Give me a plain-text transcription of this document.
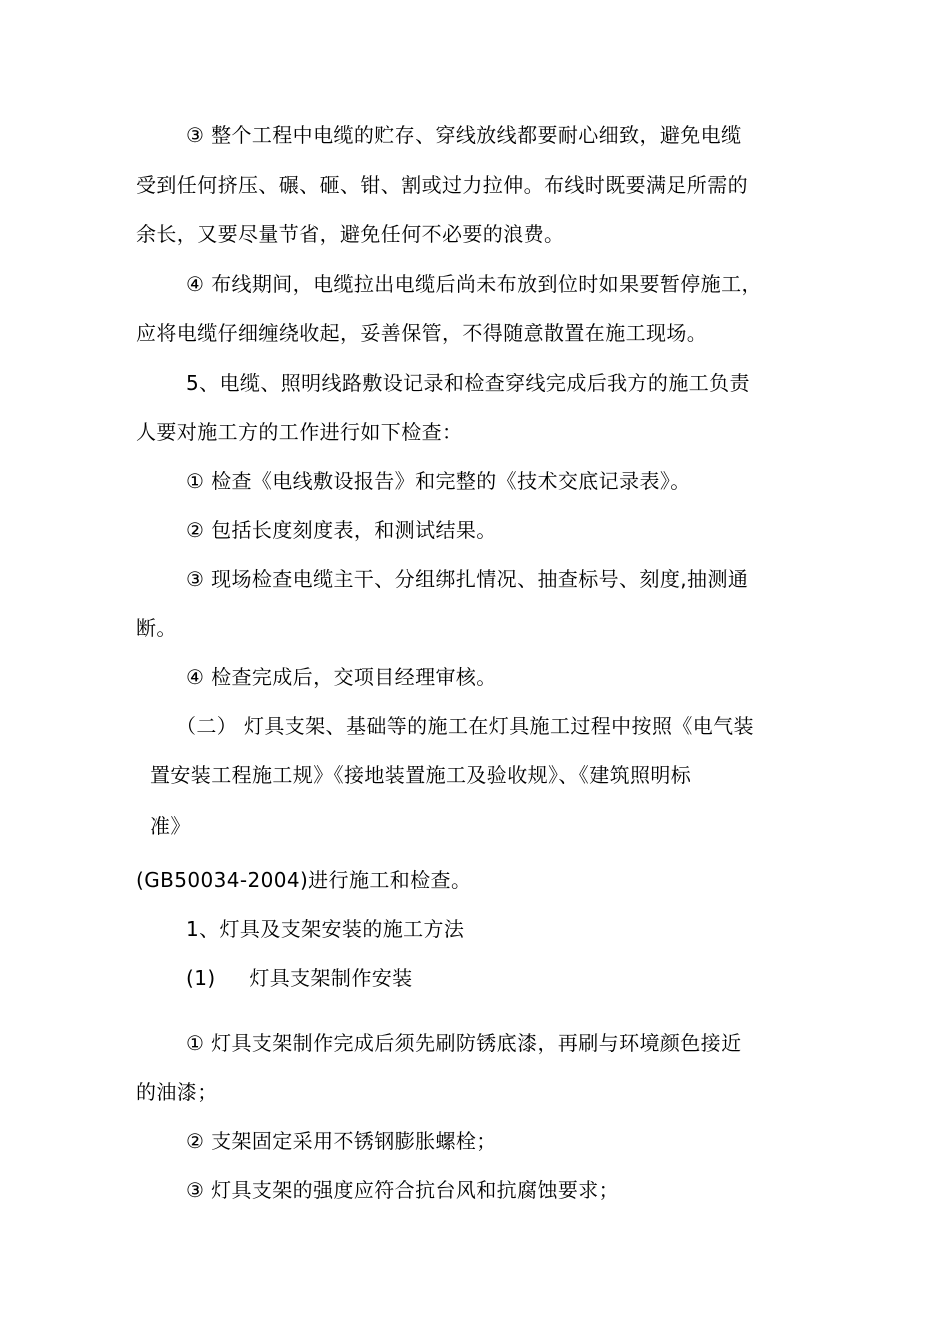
③ 整个工程中电缆的贮存、穿线放线都要耐心细致，避免电缆
受到任何挤压、碾、砸、钳、割或过力拉伸。布线时既要满足所需的
余长，又要尽量节省，避免任何不必要的浪费。
④ 布线期间，电缆拉出电缆后尚未布放到位时如果要暂停施工，
应将电缆仔细缠绕收起，妥善保管，不得随意散置在施工现场。
5、电缆、照明线路敷设记录和检查穿线完成后我方的施工负责
人要对施工方的工作进行如下检查：
① 检查《电线敷设报告》和完整的《技术交底记录表》。
② 包括长度刻度表，和测试结果。
③ 现场检查电缆主干、分组绑扎情况、抽查标号、刻度,抽测通
断。
④ 检查完成后，交项目经理审核。
（二） 灯具支架、基础等的施工在灯具施工过程中按照《电气装
置安装工程施工规》《接地装置施工及验收规》、《建筑照明标
准》
(GB50034-2004)进行施工和检查。
1、灯具及支架安装的施工方法
(1)     灯具支架制作安装
① 灯具支架制作完成后须先刷防锈底漆，再刷与环境颜色接近
的油漆；
② 支架固定采用不锈钢膨胀螺栓；
③ 灯具支架的强度应符合抗台风和抗腐蚀要求；
